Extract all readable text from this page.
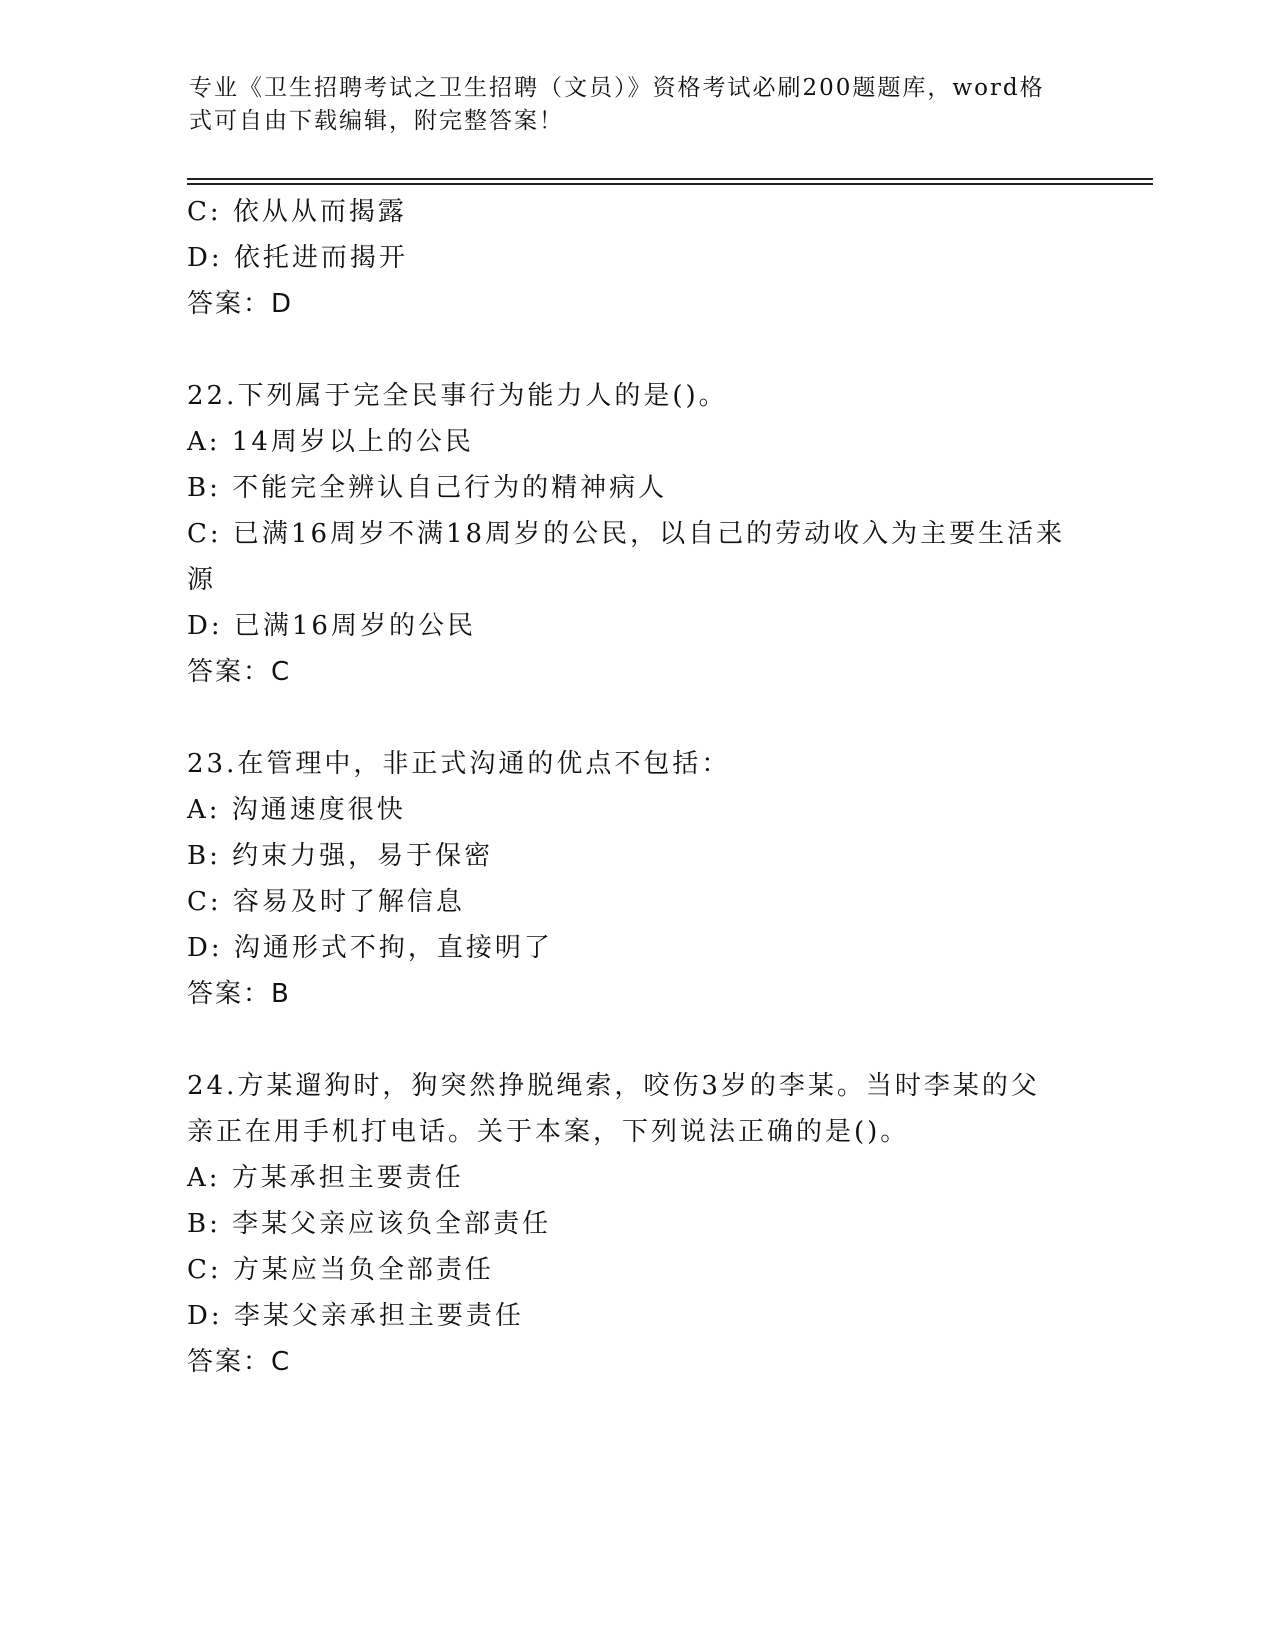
专业《卫生招聘考试之卫生招聘（文员）》资格考试必刷200题题库，word格式可自由下载编辑，附完整答案！
C: 依从从而揭露
D: 依托进而揭开
答案：D
22.下列属于完全民事行为能力人的是()。
A: 14周岁以上的公民
B: 不能完全辨认自己行为的精神病人
C: 已满16周岁不满18周岁的公民，以自己的劳动收入为主要生活来源
D: 已满16周岁的公民
答案：C
23.在管理中，非正式沟通的优点不包括：
A: 沟通速度很快
B: 约束力强，易于保密
C: 容易及时了解信息
D: 沟通形式不拘，直接明了
答案：B
24.方某遛狗时，狗突然挣脱绳索，咬伤3岁的李某。当时李某的父亲正在用手机打电话。关于本案，下列说法正确的是()。
A: 方某承担主要责任
B: 李某父亲应该负全部责任
C: 方某应当负全部责任
D: 李某父亲承担主要责任
答案：C
